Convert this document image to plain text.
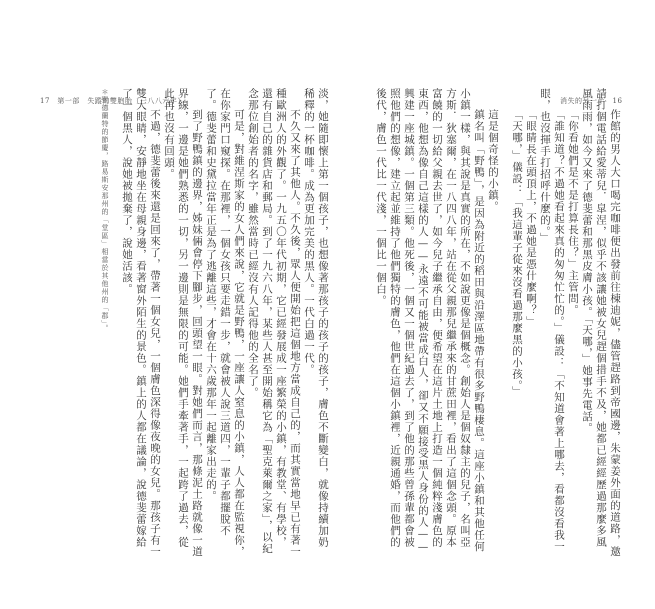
17　第一部　失蹤的雙胞胎（一八八六年）	消失的另一半　16

作館的男人大口喝完咖啡便出發前往棟迪妮，儘管趕路到帝國邊，朱蒙姜外面的道路，邀請打個電話給愛蒂兒．皐涅，似乎不該讓她被女兒趕個措手不及，她都已經經歷過那麼多風風雨雨，如今又來了德斐蕾和那黑皮膚小孩。「天哪，」她事先電話。

「你看她們是不是打算長住？」主管問。

「誰知道？不過她看起來真的匆匆忙忙的。」儀設：「不知道會著上哪去，看都沒看我一眼，也沒揮手打招呼什麼的。」

「眼睛長在頭頂上，不過她是憑什麼啊？」

「天哪，」儀設：「我這輩子從來沒看過那麼黑的小孩。」

這是個奇怪的小鎮。

鎮名叫「野鴨」，是因為附近的稻田與沿澤區地帶有很多野鴨棲息。這座小鎮和其他任何小鎮一樣，與其說是真實的所在，不如說更像是個概念。創始人是個奴隸主的兒子，名叫亞方斯．狄塞爾，在一八四八年，站在從父親那兒繼承來的甘蔗田裡，看出了這個念頭。原本富饒的一切給父親去世了，如今兒子繼承自由，便希望在這片土地上打造一個純粹淺膚色的東西，他想為像自己這樣的人——永遠不可能被當成白人，卻又不願接受黑人身份的人——興建一座城鎮。一個第三類。他死後，一個又一個世紀過去了，到了他的那些曾孫輩都會被照他們的想像，建立起並維持了他們獨特的膚色，他們在這個小鎮裡，近親通婚，而他們的後代，膚色一代比一代淺，一個比一個白。

淡，她隨即懷上第一個孩子，也想像著那孩子的孩子的孩子，膚色不斷變白，就像持續加奶稀釋的一杯咖啡。成為更加完美的黑人。一代白過一代。

不久又來了其他人。不久後，眾人便開始把這個地方當成自己的，而其實當地早已有著一種歐洲人的外觀了。一九五〇年代初期，它已經發展成一座繁榮的小鎮，有教堂、有學校，還有自己的雜貨店和郵局。到了一九六八年，某些人甚至開始稱它為「聖克萊爾之家」，以紀念那位創始者的名字，雖然當時已經沒有人記得他的全名了。

可是，對維涅斯家的女人們來說，它就是野鴨，一座讓人窒息的小鎮，人人都在監視你，在你家門口窺探。在那裡，一個女孩只要走錯一步，就會被人說三道四，一輩子都擺脫不了。德斐蕾和史黛拉當年正是為了逃離這些，才會在十六歲那年一起離家出走的。

到了野鴨鎮的邊界，姊妹倆會停下腳步，回頭望一眼。對她們而言，那條泥土路就像一道界線，一邊是她們熟悉的一切，另一邊則是無限的可能。她們手牽著手，一起跨了過去，從此再也沒有回頭。

不過，德斐蕾後來還是回來了，帶著一個女兒，一個膚色深得像夜晚的女兒。那孩子有一雙大眼睛，安靜地坐在母親身邊，看著窗外陌生的景色。鎮上的人都在議論，說德斐蕾嫁給了一個黑人，說她被拋棄了，說她活該。

＊聖德蘭特的節慶，路易斯安那州的「堂區」相當於其他州的「郡」。
